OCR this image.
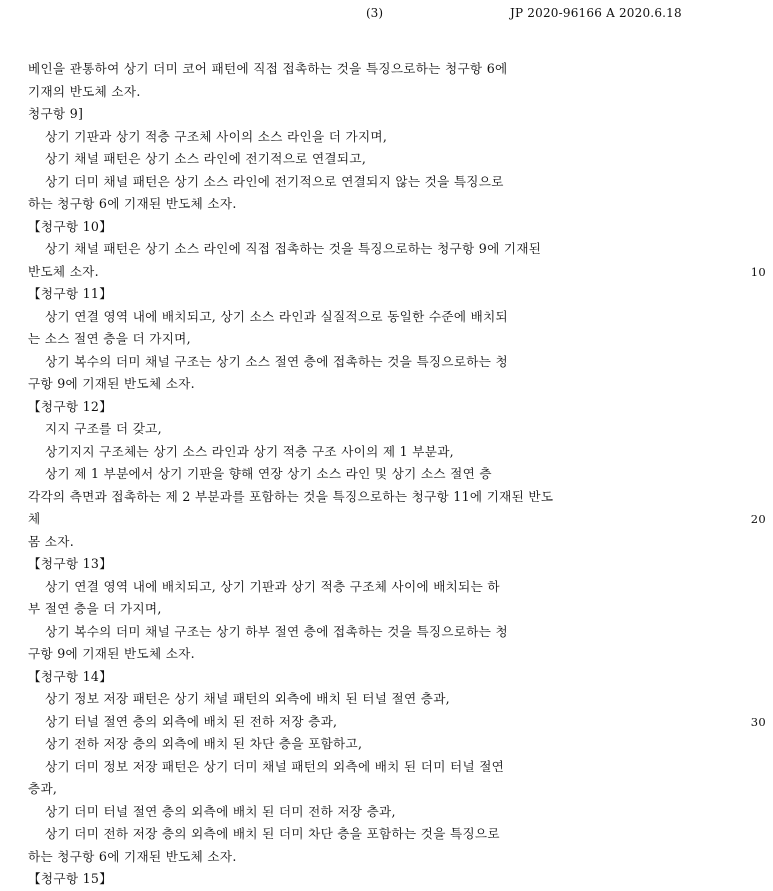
(3)	JP 2020-96166 A 2020.6.18
베인을 관통하여 상기 더미 코어 패턴에 직접 접촉하는 것을 특징으로하는 청구항 6에
기재의 반도체 소자.
청구항 9]
상기 기판과 상기 적층 구조체 사이의 소스 라인을 더 가지며,
상기 채널 패턴은 상기 소스 라인에 전기적으로 연결되고,
상기 더미 채널 패턴은 상기 소스 라인에 전기적으로 연결되지 않는 것을 특징으로
하는 청구항 6에 기재된 반도체 소자.
【청구항 10】
상기 채널 패턴은 상기 소스 라인에 직접 접촉하는 것을 특징으로하는 청구항 9에 기재된
반도체 소자.	10
【청구항 11】
상기 연결 영역 내에 배치되고, 상기 소스 라인과 실질적으로 동일한 수준에 배치되
는 소스 절연 층을 더 가지며,
상기 복수의 더미 채널 구조는 상기 소스 절연 층에 접촉하는 것을 특징으로하는 청
구항 9에 기재된 반도체 소자.
【청구항 12】
지지 구조를 더 갖고,
상기지지 구조체는 상기 소스 라인과 상기 적층 구조 사이의 제 1 부분과,
상기 제 1 부분에서 상기 기판을 향해 연장 상기 소스 라인 및 상기 소스 절연 층
각각의 측면과 접촉하는 제 2 부분과를 포함하는 것을 특징으로하는 청구항 11에 기재된 반도
체	20
몸 소자.
【청구항 13】
상기 연결 영역 내에 배치되고, 상기 기판과 상기 적층 구조체 사이에 배치되는 하
부 절연 층을 더 가지며,
상기 복수의 더미 채널 구조는 상기 하부 절연 층에 접촉하는 것을 특징으로하는 청
구항 9에 기재된 반도체 소자.
【청구항 14】
상기 정보 저장 패턴은 상기 채널 패턴의 외측에 배치 된 터널 절연 층과,
상기 터널 절연 층의 외측에 배치 된 전하 저장 층과,	30
상기 전하 저장 층의 외측에 배치 된 차단 층을 포함하고,
상기 더미 정보 저장 패턴은 상기 더미 채널 패턴의 외측에 배치 된 더미 터널 절연
층과,
상기 더미 터널 절연 층의 외측에 배치 된 더미 전하 저장 층과,
상기 더미 전하 저장 층의 외측에 배치 된 더미 차단 층을 포함하는 것을 특징으로
하는 청구항 6에 기재된 반도체 소자.
【청구항 15】
